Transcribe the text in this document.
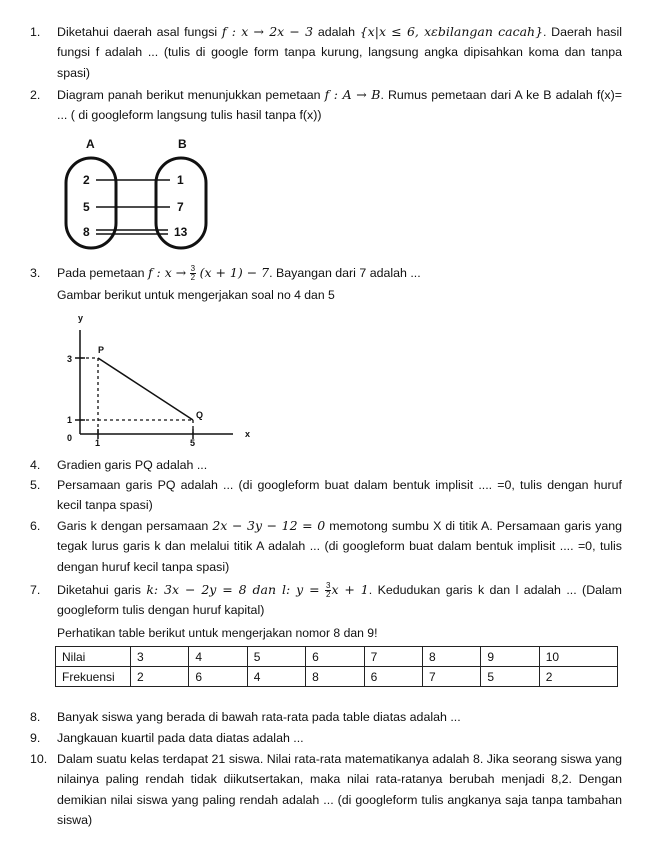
1.	Diketahui daerah asal fungsi f : x → 2x − 3 adalah {x|x ≤ 6, xεbilangan cacah}. Daerah hasil fungsi f adalah ... (tulis di google form tanpa kurung, langsung angka dipisahkan koma dan tanpa spasi)
2.	Diagram panah berikut menunjukkan pemetaan f : A → B. Rumus pemetaan dari A ke B adalah f(x)= ... ( di googleform langsung tulis hasil tanpa f(x))
A	B
2
5
8
1
7
13
3.	Pada pemetaan f : $x \to \frac{3}{2} (x + 1) - 7$. Bayangan dari 7 adalah ...
Gambar berikut untuk mengerjakan soal no 4 dan 5
y
x
3
1
0	1	5
P
Q
4.	Gradien garis PQ adalah ...
5.	Persamaan garis PQ adalah ... (di googleform buat dalam bentuk implisit .... =0, tulis dengan huruf kecil tanpa spasi)
6.	Garis k dengan persamaan 2x − 3y − 12 = 0 memotong sumbu X di titik A. Persamaan garis yang tegak lurus garis k dan melalui titik A adalah ... (di googleform buat dalam bentuk implisit .... =0, tulis dengan huruf kecil tanpa spasi)
7.	Diketahui garis k: 3x − 2y = 8 dan l: $y = \frac{3}{2}$ x + 1. Kedudukan garis k dan l adalah ... (Dalam googleform tulis dengan huruf kapital)
Perhatikan table berikut untuk mengerjakan nomor 8 dan 9!
Nilai	3	4	5	6	7	8	9	10
Frekuensi	2	6	4	8	6	7	5	2
8.	Banyak siswa yang berada di bawah rata-rata pada table diatas adalah ...
9.	Jangkauan kuartil pada data diatas adalah ...
10. Dalam suatu kelas terdapat 21 siswa. Nilai rata-rata matematikanya adalah 8. Jika seorang siswa yang nilainya paling rendah tidak diikutsertakan, maka nilai rata-ratanya berubah menjadi 8,2. Dengan demikian nilai siswa yang paling rendah adalah ... (di googleform tulis angkanya saja tanpa tambahan siswa)
